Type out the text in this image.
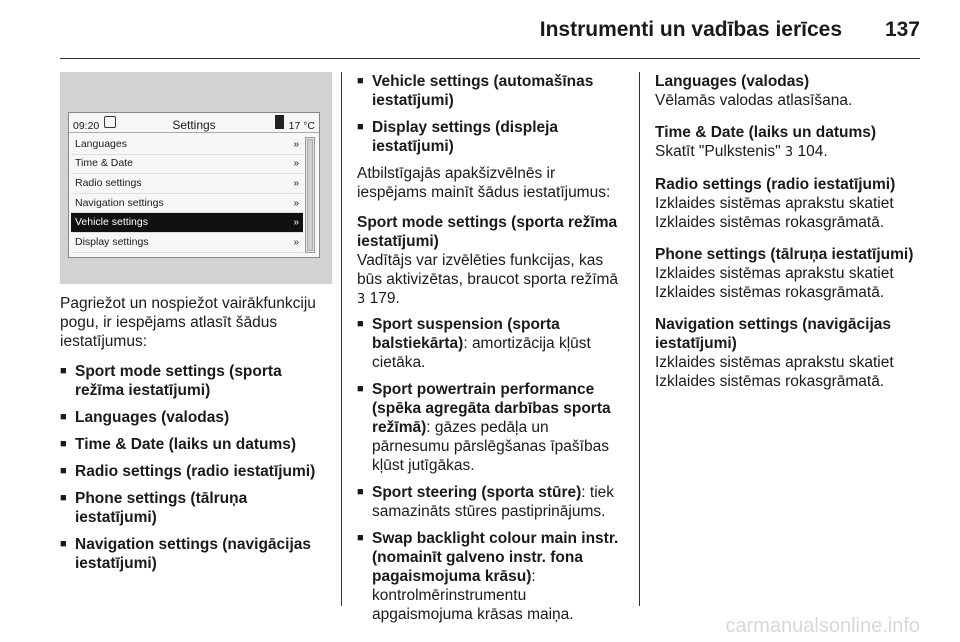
Instrumenti un vadības ierīces 137
09:20	Settings	17 °C
Languages	»
Time & Date	»
Radio settings	»
Navigation settings	»
Vehicle settings	»
Display settings	»

Pagriežot un nospiežot vairākfunkciju pogu, ir iespējams atlasīt šādus iestatījumus:

■ Sport mode settings (sporta režīma iestatījumi)
■ Languages (valodas)
■ Time & Date (laiks un datums)
■ Radio settings (radio iestatījumi)
■ Phone settings (tālruņa iestatījumi)
■ Navigation settings (navigācijas iestatījumi)
■ Vehicle settings (automašīnas iestatījumi)
■ Display settings (displeja iestatījumi)

Atbilstīgajās apakšizvēlnēs ir iespējams mainīt šādus iestatījumus:

Sport mode settings (sporta režīma iestatījumi)

Vadītājs var izvēlēties funkcijas, kas būs aktivizētas, braucot sporta režīmā 3 179.

■ Sport suspension (sporta balstiekārta): amortizācija kļūst cietāka.
■ Sport powertrain performance (spēka agregāta darbības sporta režīmā): gāzes pedāļa un pārnesumu pārslēgšanas īpašības kļūst jutīgākas.
■ Sport steering (sporta stūre): tiek samazināts stūres pastiprinājums.
■ Swap backlight colour main instr. (nomainīt galveno instr. fona pagaismojuma krāsu): kontrolmērinstrumentu apgaismojuma krāsas maiņa.
Languages (valodas)
Vēlamās valodas atlasīšana.
Time & Date (laiks un datums)
Skatīt "Pulkstenis" 3 104.
Radio settings (radio iestatījumi)
Izklaides sistēmas aprakstu skatiet Izklaides sistēmas rokasgrāmatā.
Phone settings (tālruņa iestatījumi)
Izklaides sistēmas aprakstu skatiet Izklaides sistēmas rokasgrāmatā.
Navigation settings (navigācijas iestatījumi)
Izklaides sistēmas aprakstu skatiet Izklaides sistēmas rokasgrāmatā.
carmanualsonline.info
